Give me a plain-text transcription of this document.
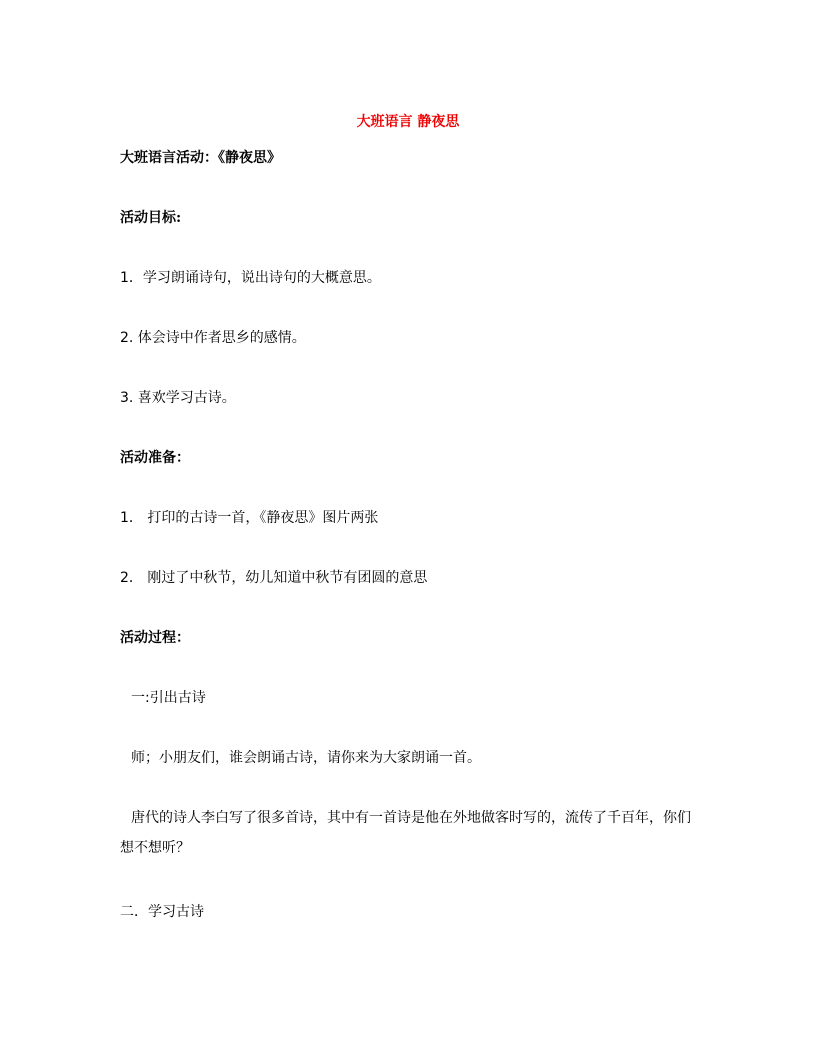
大班语言 静夜思
大班语言活动：《静夜思》
活动目标:
1．学习朗诵诗句，说出诗句的大概意思。
2. 体会诗中作者思乡的感情。
3. 喜欢学习古诗。
活动准备：
1． 打印的古诗一首，《静夜思》图片两张
2． 刚过了中秋节，幼儿知道中秋节有团圆的意思
活动过程：
一:引出古诗
师；小朋友们，谁会朗诵古诗，请你来为大家朗诵一首。
唐代的诗人李白写了很多首诗，其中有一首诗是他在外地做客时写的，流传了千百年，你们想不想听？
二．学习古诗
